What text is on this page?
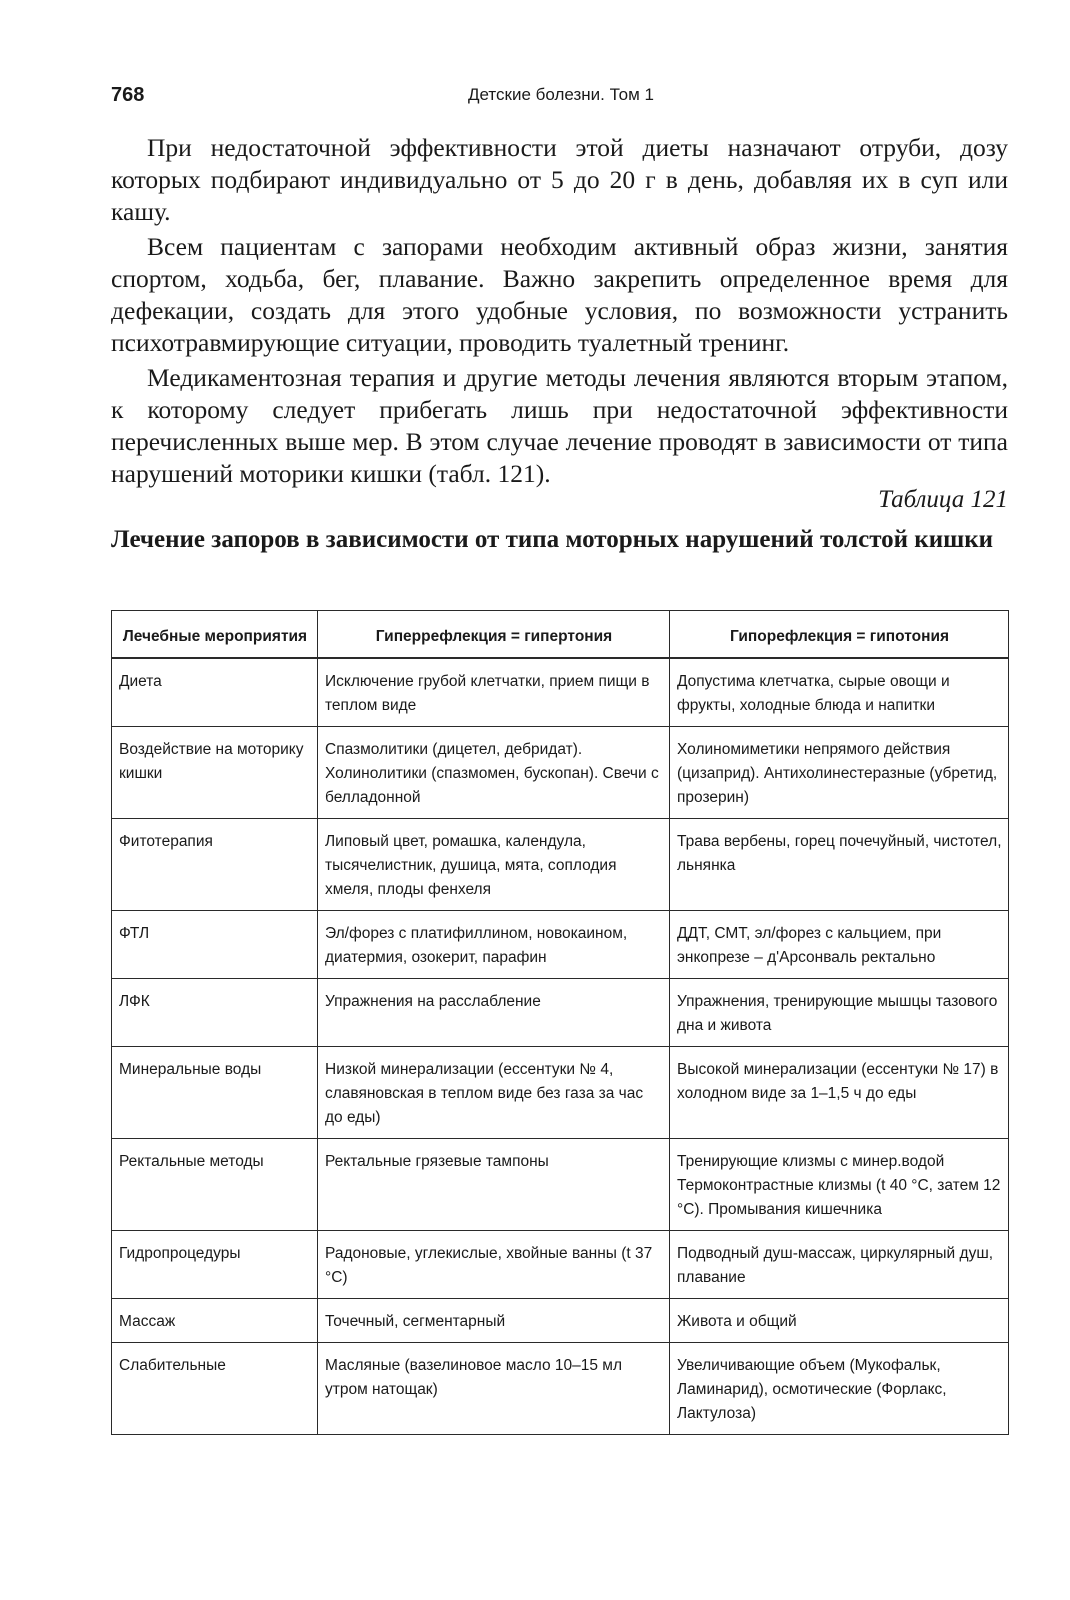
768	Детские болезни. Том 1

При недостаточной эффективности этой диеты назначают отруби, дозу которых подбирают индивидуально от 5 до 20 г в день, добавляя их в суп или кашу.

Всем пациентам с запорами необходим активный образ жизни, занятия спортом, ходьба, бег, плавание. Важно закрепить определенное время для дефекации, создать для этого удобные условия, по возможности устранить психотравмирующие ситуации, проводить туалетный тренинг.

Медикаментозная терапия и другие методы лечения являются вторым этапом, к которому следует прибегать лишь при недостаточной эффективности перечисленных выше мер. В этом случае лечение проводят в зависимости от типа нарушений моторики кишки (табл. 121).

Таблица 121
Лечение запоров в зависимости от типа моторных нарушений толстой кишки
Лечебные мероприятия	Гиперрефлекция = гипертония	Гипорефлекция = гипотония
Диета	Исключение грубой клетчатки, прием пищи в теплом виде	Допустима клетчатка, сырые овощи и фрукты, холодные блюда и напитки
Воздействие на моторику кишки	Спазмолитики (дицетел, дебридат). Холинолитики (спазмомен, бускопан). Свечи с белладонной	Холиномиметики непрямого действия (цизаприд). Антихолинестеразные (убретид, прозерин)
Фитотерапия	Липовый цвет, ромашка, календула, тысячелистник, душица, мята, соплодия хмеля, плоды фенхеля	Трава вербены, горец почечуйный, чистотел, льнянка
ФТЛ	Эл/форез с платифиллином, новокаином, диатермия, озокерит, парафин	ДДТ, СМТ, эл/форез с кальцием, при энкопрезе – д'Арсонваль ректально
ЛФК	Упражнения на расслабление	Упражнения, тренирующие мышцы тазового дна и живота
Минеральные воды	Низкой минерализации (ессентуки № 4, славяновская в теплом виде без газа за час до еды)	Высокой минерализации (ессентуки № 17) в холодном виде за 1–1,5 ч до еды
Ректальные методы	Ректальные грязевые тампоны	Тренирующие клизмы с минер.водой Термоконтрастные клизмы (t 40 °С, затем 12 °С). Промывания кишечника
Гидропроцедуры	Радоновые, углекислые, хвойные ванны (t 37 °С)	Подводный душ-массаж, циркулярный душ, плавание
Массаж	Точечный, сегментарный	Живота и общий
Слабительные	Масляные (вазелиновое масло 10–15 мл утром натощак)	Увеличивающие объем (Мукофальк, Ламинарид), осмотические (Форлакс, Лактулоза)
